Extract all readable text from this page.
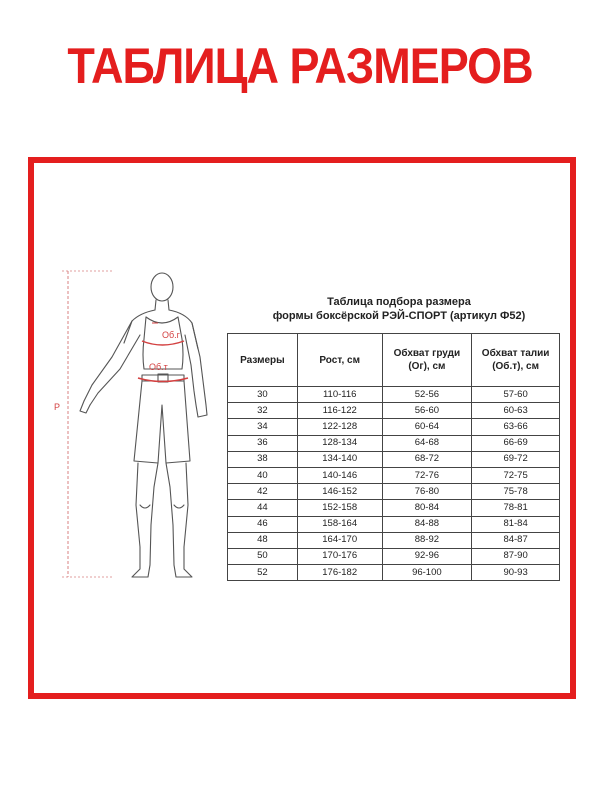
ТАБЛИЦА РАЗМЕРОВ
Р
Об.г
Об.т
Таблица подбора размера
формы боксёрской РЭЙ-СПОРТ (артикул Ф52)
Размеры	Рост, см	Обхват груди (Ог), см	Обхват талии (Об.т), см
30	110-116	52-56	57-60
32	116-122	56-60	60-63
34	122-128	60-64	63-66
36	128-134	64-68	66-69
38	134-140	68-72	69-72
40	140-146	72-76	72-75
42	146-152	76-80	75-78
44	152-158	80-84	78-81
46	158-164	84-88	81-84
48	164-170	88-92	84-87
50	170-176	92-96	87-90
52	176-182	96-100	90-93
